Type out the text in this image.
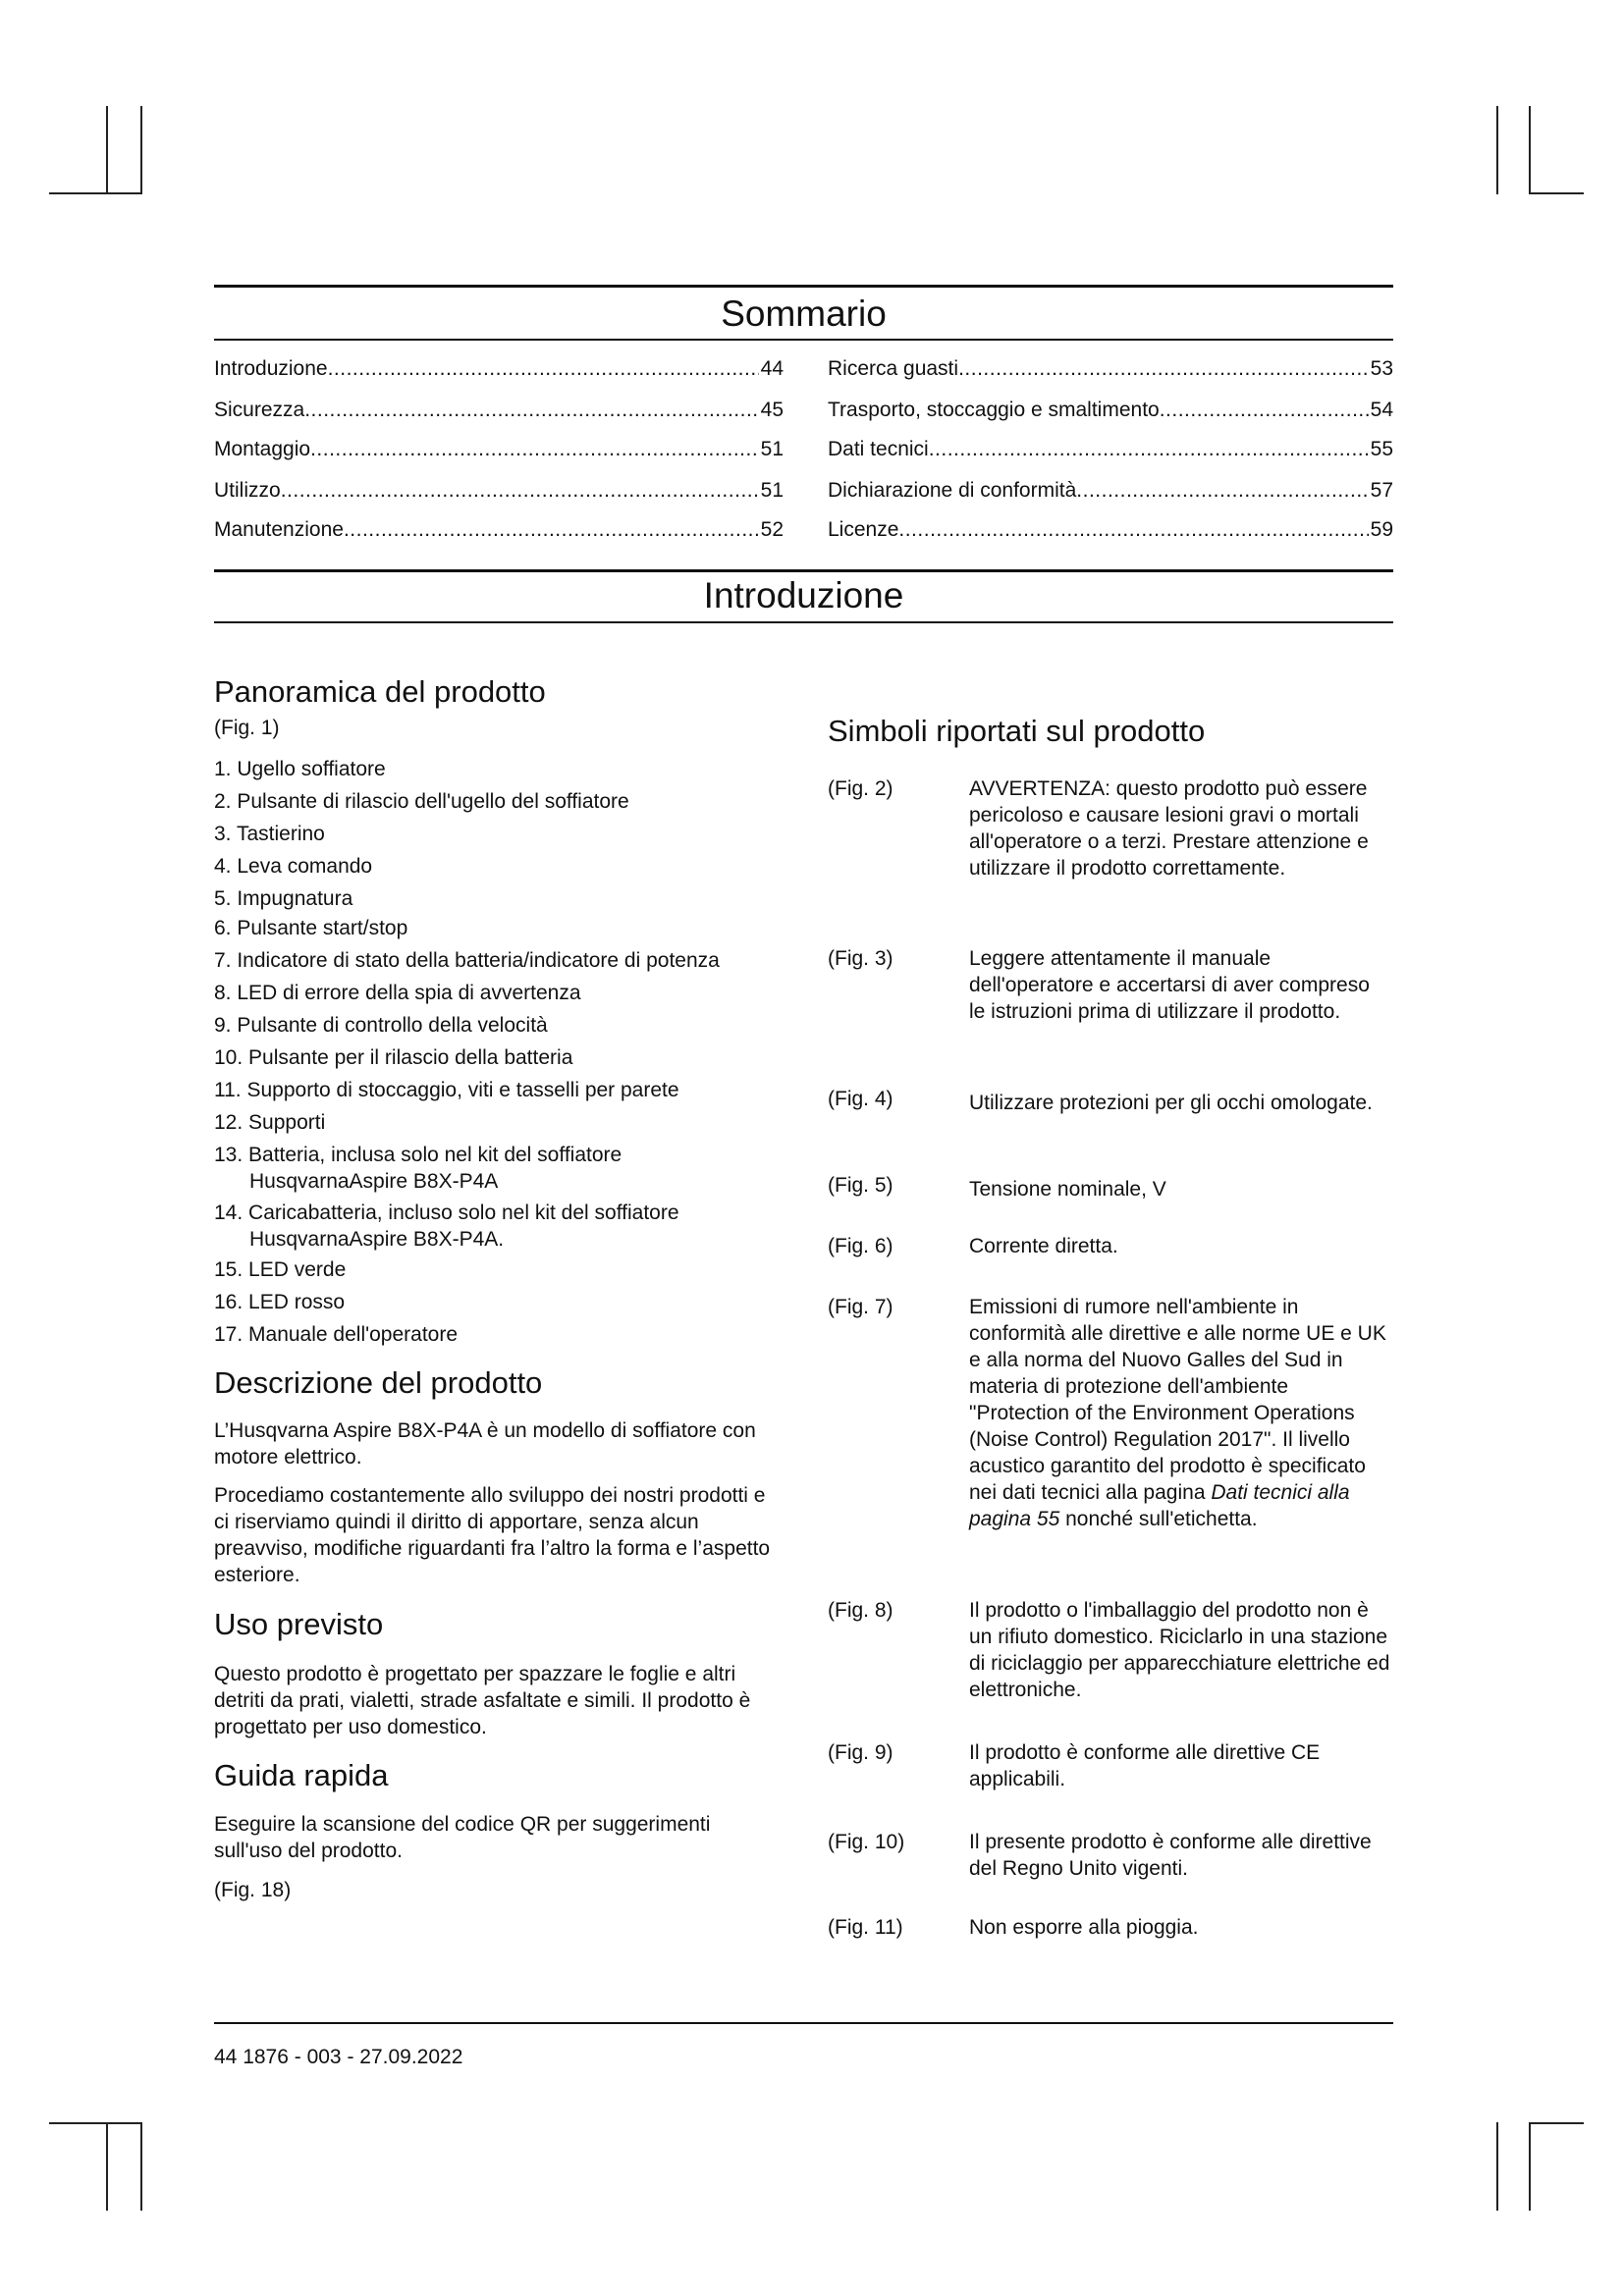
Sommario
Introduzione .....	44
Sicurezza .....	45
Montaggio .....	51
Utilizzo .....	51
Manutenzione .....	52
Ricerca guasti .....	53
Trasporto, stoccaggio e smaltimento .....	54
Dati tecnici .....	55
Dichiarazione di conformità .....	57
Licenze .....	59
Introduzione
Panoramica del prodotto
(Fig. 1)
1. Ugello soffiatore
2. Pulsante di rilascio dell'ugello del soffiatore
3. Tastierino
4. Leva comando
5. Impugnatura
6. Pulsante start/stop
7. Indicatore di stato della batteria/indicatore di potenza
8. LED di errore della spia di avvertenza
9. Pulsante di controllo della velocità
10. Pulsante per il rilascio della batteria
11. Supporto di stoccaggio, viti e tasselli per parete
12. Supporti
13. Batteria, inclusa solo nel kit del soffiatore
HusqvarnaAspire B8X-P4A
14. Caricabatteria, incluso solo nel kit del soffiatore
HusqvarnaAspire B8X-P4A.
15. LED verde
16. LED rosso
17. Manuale dell'operatore
Descrizione del prodotto

L’Husqvarna Aspire B8X-P4A è un modello di soffiatore con motore elettrico.

Procediamo costantemente allo sviluppo dei nostri prodotti e ci riserviamo quindi il diritto di apportare, senza alcun preavviso, modifiche riguardanti fra l’altro la forma e l’aspetto esteriore.

Uso previsto

Questo prodotto è progettato per spazzare le foglie e altri detriti da prati, vialetti, strade asfaltate e simili. Il prodotto è progettato per uso domestico.

Guida rapida

Eseguire la scansione del codice QR per suggerimenti sull'uso del prodotto.

(Fig. 18)
Simboli riportati sul prodotto
(Fig. 2)	AVVERTENZA: questo prodotto può essere pericoloso e causare lesioni gravi o mortali all'operatore o a terzi. Prestare attenzione e utilizzare il prodotto correttamente.
(Fig. 3)	Leggere attentamente il manuale dell'operatore e accertarsi di aver compreso le istruzioni prima di utilizzare il prodotto.
(Fig. 4)	Utilizzare protezioni per gli occhi omologate.
(Fig. 5)	Tensione nominale, V
(Fig. 6)	Corrente diretta.
(Fig. 7)	Emissioni di rumore nell'ambiente in conformità alle direttive e alle norme UE e UK e alla norma del Nuovo Galles del Sud in materia di protezione dell'ambiente "Protection of the Environment Operations (Noise Control) Regulation 2017". Il livello acustico garantito del prodotto è specificato nei dati tecnici alla pagina Dati tecnici alla pagina 55 nonché sull'etichetta.
(Fig. 8)	Il prodotto o l'imballaggio del prodotto non è un rifiuto domestico. Riciclarlo in una stazione di riciclaggio per apparecchiature elettriche ed elettroniche.
(Fig. 9)	Il prodotto è conforme alle direttive CE applicabili.
(Fig. 10)	Il presente prodotto è conforme alle direttive del Regno Unito vigenti.
(Fig. 11)	Non esporre alla pioggia.
44 1876 - 003 - 27.09.2022
